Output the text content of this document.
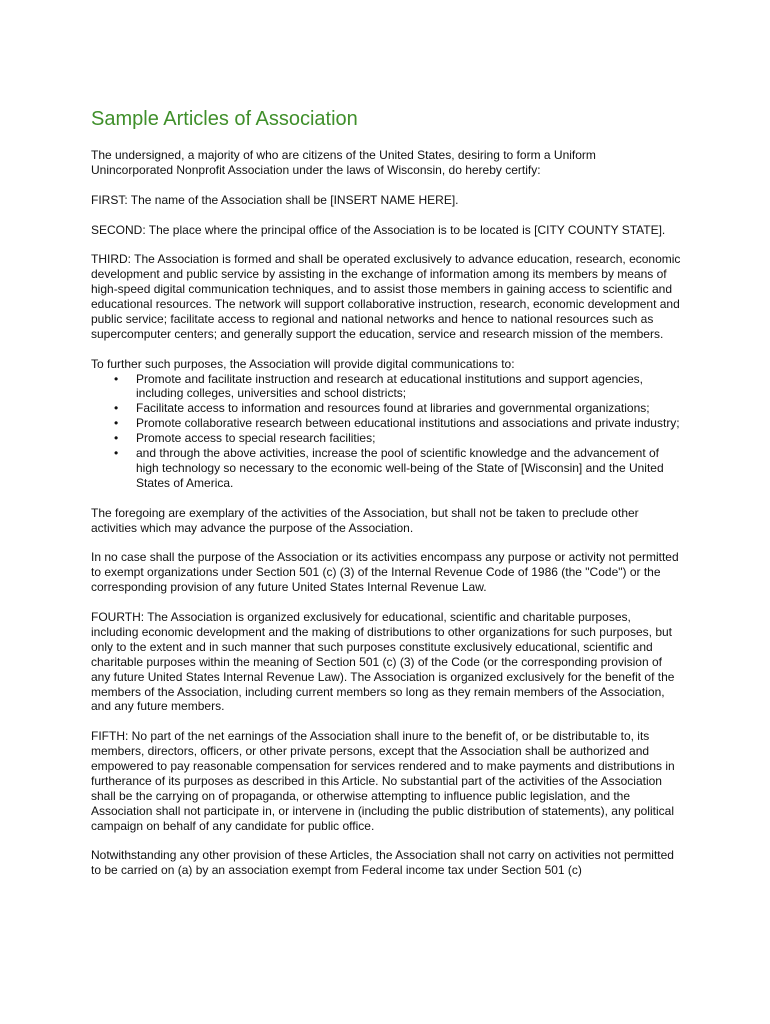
Sample Articles of Association

The undersigned, a majority of who are citizens of the United States, desiring to form a Uniform Unincorporated Nonprofit Association under the laws of Wisconsin, do hereby certify:

FIRST: The name of the Association shall be [INSERT NAME HERE].

SECOND: The place where the principal office of the Association is to be located is [CITY COUNTY STATE].

THIRD: The Association is formed and shall be operated exclusively to advance education, research, economic development and public service by assisting in the exchange of information among its members by means of high-speed digital communication techniques, and to assist those members in gaining access to scientific and educational resources. The network will support collaborative instruction, research, economic development and public service; facilitate access to regional and national networks and hence to national resources such as supercomputer centers; and generally support the education, service and research mission of the members.

To further such purposes, the Association will provide digital communications to:

• Promote and facilitate instruction and research at educational institutions and support agencies, including colleges, universities and school districts;
• Facilitate access to information and resources found at libraries and governmental organizations;
• Promote collaborative research between educational institutions and associations and private industry;
• Promote access to special research facilities;
• and through the above activities, increase the pool of scientific knowledge and the advancement of high technology so necessary to the economic well-being of the State of [Wisconsin] and the United States of America.

The foregoing are exemplary of the activities of the Association, but shall not be taken to preclude other activities which may advance the purpose of the Association.

In no case shall the purpose of the Association or its activities encompass any purpose or activity not permitted to exempt organizations under Section 501 (c) (3) of the Internal Revenue Code of 1986 (the "Code") or the corresponding provision of any future United States Internal Revenue Law.

FOURTH: The Association is organized exclusively for educational, scientific and charitable purposes, including economic development and the making of distributions to other organizations for such purposes, but only to the extent and in such manner that such purposes constitute exclusively educational, scientific and charitable purposes within the meaning of Section 501 (c) (3) of the Code (or the corresponding provision of any future United States Internal Revenue Law). The Association is organized exclusively for the benefit of the members of the Association, including current members so long as they remain members of the Association, and any future members.

FIFTH: No part of the net earnings of the Association shall inure to the benefit of, or be distributable to, its members, directors, officers, or other private persons, except that the Association shall be authorized and empowered to pay reasonable compensation for services rendered and to make payments and distributions in furtherance of its purposes as described in this Article. No substantial part of the activities of the Association shall be the carrying on of propaganda, or otherwise attempting to influence public legislation, and the Association shall not participate in, or intervene in (including the public distribution of statements), any political campaign on behalf of any candidate for public office.

Notwithstanding any other provision of these Articles, the Association shall not carry on activities not permitted to be carried on (a) by an association exempt from Federal income tax under Section 501 (c)
